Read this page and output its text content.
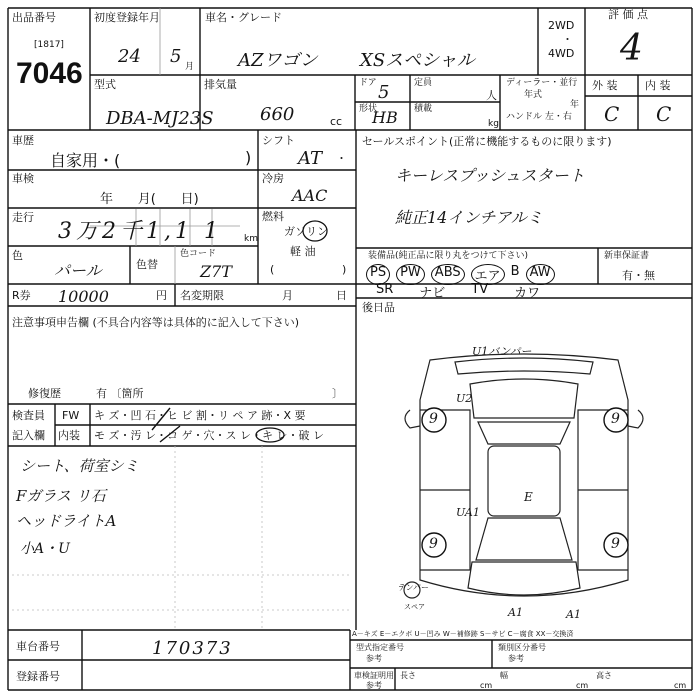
出品番号
[1817]
7046
初度登録年月
24 5 月
車名・グレード
AZワゴン XSスペシャル
2WD
・
4WD
評 価 点
4
型式
DBA-MJ23S
排気量
660	cc
ドア 5	定員
人
形状
HB 積載
kg
ディーラー・並行
年式
年
ハンドル 左・右
外 装	内 装
C C
車歴
自家用・(	)
車検
年      月(      日)
走行
3万2千1,1 1 km
色
パール	色替
色コード
Z7T
シフト
AT ・
冷房
AAC
燃料
ガソリン
軽 油
(	)
セールスポイント(正常に機能するものに限ります)
キーレスプッシュスタート
純正14インチアルミ
装備品(純正品に限り丸をつけて下さい)
PS	PW	ABS	エア B AW
SR ナビ TV カワ
新車保証書
有・無
R券 10000	円 名変期限	月	日
後日品
注意事項申告欄 (不具合内容等は具体的に記入して下さい)
修復歴	有 〔箇所	〕
検査員
記入欄
FW キ ズ・凹 石・ヒ ビ 割・リ ペ ア 跡・X 要
内装 モ ズ・汚 レ・コ ゲ・穴・ス レ・キ レ・破 レ
シート、荷室シミ
Fガラス リ石
ヘッドライトA
小A・U
9	9
9	9
U1バンパー
U2
UA1
E
A1	A1
テンパー
スペア
A－キズ E－エクボ U－凹み W－補修跡 S－サビ C－腐食 XX－交換済
車台番号	170373
登録番号
型式指定番号
参考
類別区分番号
参考
車検証明用
参考
長さ
cm
幅
cm
高さ
cm
